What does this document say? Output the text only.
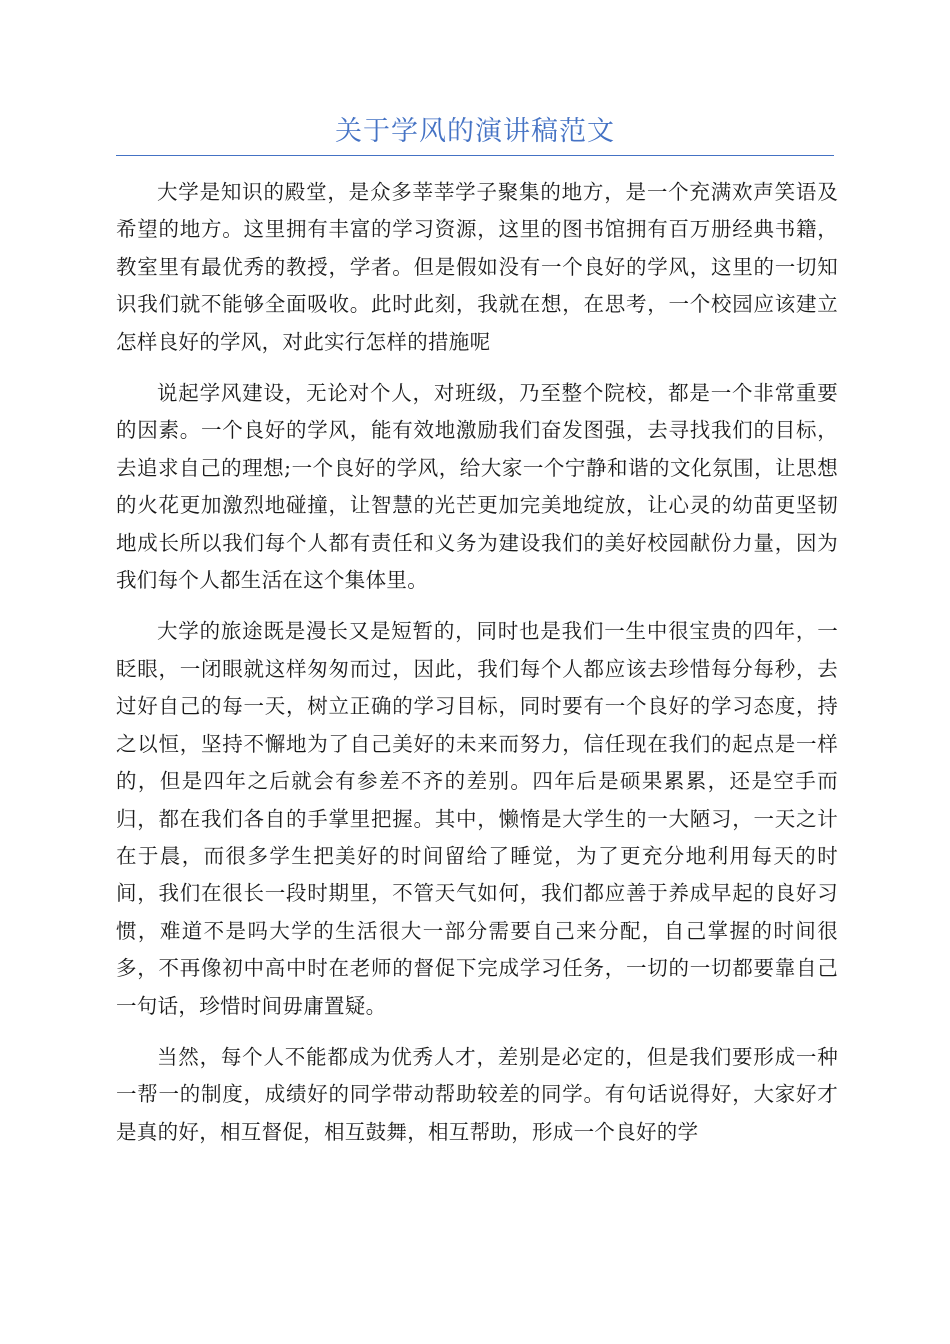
关于学风的演讲稿范文

大学是知识的殿堂，是众多莘莘学子聚集的地方，是一个充满欢声笑语及希望的地方。这里拥有丰富的学习资源，这里的图书馆拥有百万册经典书籍，教室里有最优秀的教授，学者。但是假如没有一个良好的学风，这里的一切知识我们就不能够全面吸收。此时此刻，我就在想，在思考，一个校园应该建立怎样良好的学风，对此实行怎样的措施呢

说起学风建设，无论对个人，对班级，乃至整个院校，都是一个非常重要的因素。一个良好的学风，能有效地激励我们奋发图强，去寻找我们的目标，去追求自己的理想;一个良好的学风，给大家一个宁静和谐的文化氛围，让思想的火花更加激烈地碰撞，让智慧的光芒更加完美地绽放，让心灵的幼苗更坚韧地成长所以我们每个人都有责任和义务为建设我们的美好校园献份力量，因为我们每个人都生活在这个集体里。

大学的旅途既是漫长又是短暂的，同时也是我们一生中很宝贵的四年，一眨眼，一闭眼就这样匆匆而过，因此，我们每个人都应该去珍惜每分每秒，去过好自己的每一天，树立正确的学习目标，同时要有一个良好的学习态度，持之以恒，坚持不懈地为了自己美好的未来而努力，信任现在我们的起点是一样的，但是四年之后就会有参差不齐的差别。四年后是硕果累累，还是空手而归，都在我们各自的手掌里把握。其中，懒惰是大学生的一大陋习，一天之计在于晨，而很多学生把美好的时间留给了睡觉，为了更充分地利用每天的时间，我们在很长一段时期里，不管天气如何，我们都应善于养成早起的良好习惯，难道不是吗大学的生活很大一部分需要自己来分配，自己掌握的时间很多，不再像初中高中时在老师的督促下完成学习任务，一切的一切都要靠自己一句话，珍惜时间毋庸置疑。

当然，每个人不能都成为优秀人才，差别是必定的，但是我们要形成一种一帮一的制度，成绩好的同学带动帮助较差的同学。有句话说得好，大家好才是真的好，相互督促，相互鼓舞，相互帮助，形成一个良好的学
